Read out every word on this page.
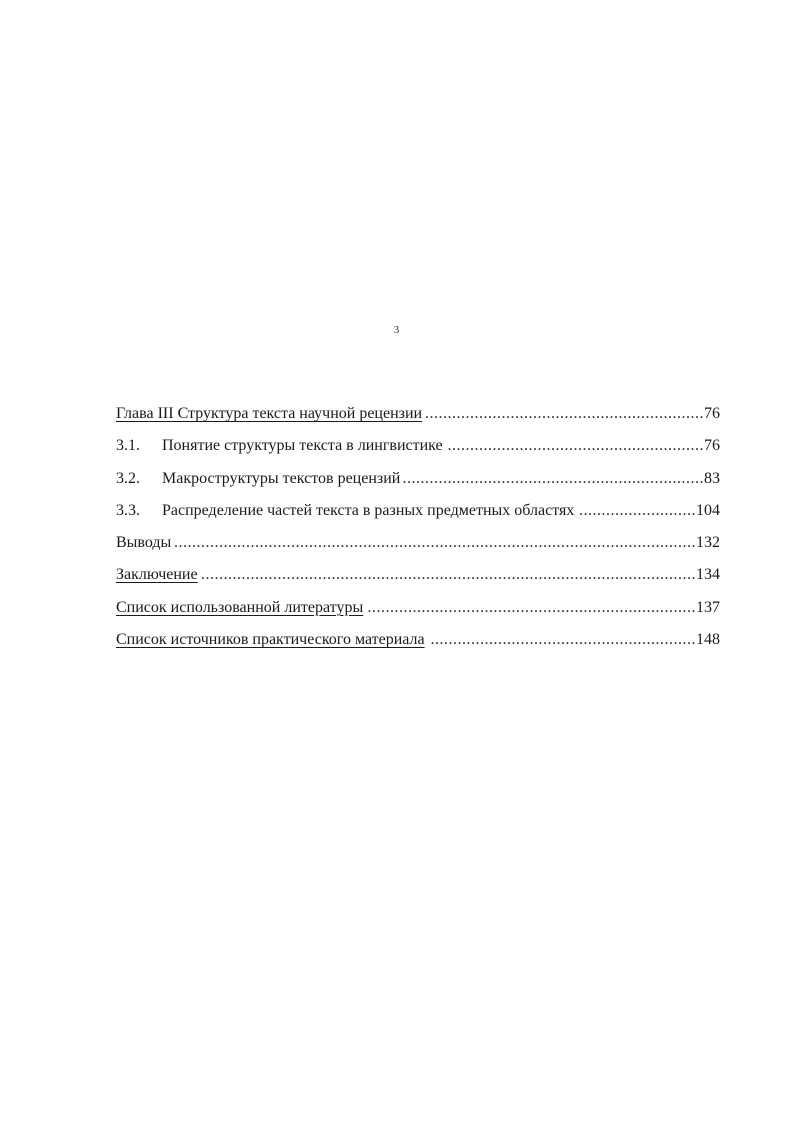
3
Глава III Структура текста научной рецензии ..............................................................76
3.1. Понятие структуры текста в лингвистике .........................................................76
3.2. Макроструктуры текстов рецензий ...................................................................83
3.3. Распределение частей текста в разных предметных областях ..........................104
Выводы ....................................................................................................................132
Заключение ..............................................................................................................134
Список использованной литературы .........................................................................137
Список источников практического материала ...........................................................148
